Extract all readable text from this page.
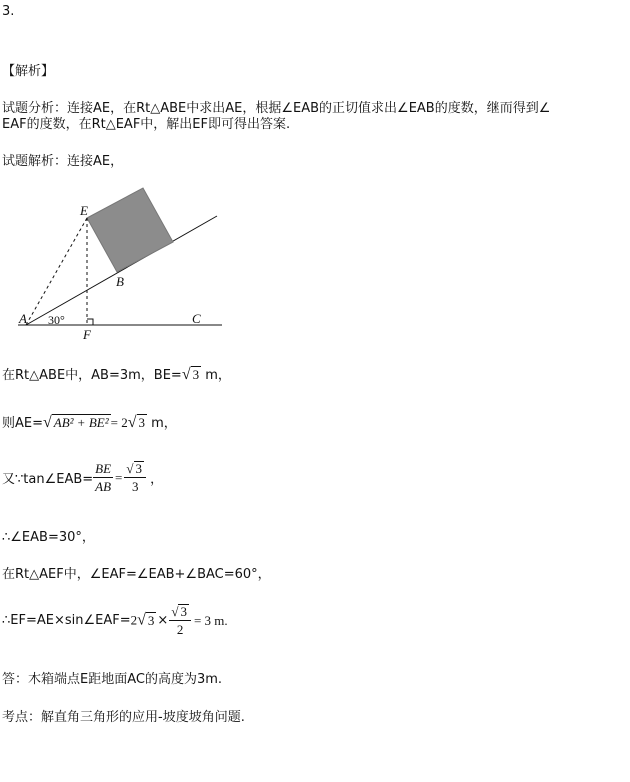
3.
【解析】
试题分析：连接AE，在Rt△ABE中求出AE，根据∠EAB的正切值求出∠EAB的度数，继而得到∠
EAF的度数，在Rt△EAF中，解出EF即可得出答案.
试题解析：连接AE，
E
B
A 30°
F
C
在Rt△ABE中，AB=3m，BE=√ 3 m，
则AE=√ AB² + BE² = 2√ 3 m，
又∵tan∠EAB= $\frac{BE}{AB} = \frac{√ 3}{3}$ ，
∴∠EAB=30°，
在Rt△AEF中，∠EAF=∠EAB+∠BAC=60°，
∴EF=AE×sin∠EAF=2√ $3 \times \frac{√ 3}{2} = 3$ m.
答：木箱端点E距地面AC的高度为3m.
考点：解直角三角形的应用-坡度坡角问题.
